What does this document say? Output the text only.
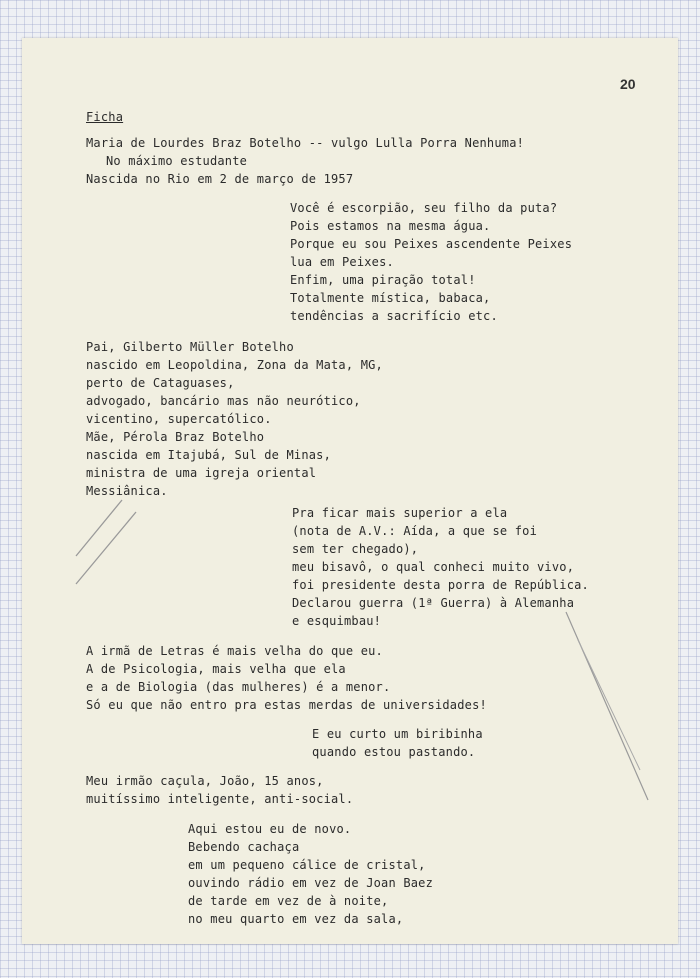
20
Ficha
Maria de Lourdes Braz Botelho -- vulgo Lulla Porra Nenhuma!
No máximo estudante
Nascida no Rio em 2 de março de 1957
Você é escorpião, seu filho da puta?
Pois estamos na mesma água.
Porque eu sou Peixes ascendente Peixes
lua em Peixes.
Enfim, uma piração total!
Totalmente mística, babaca,
tendências a sacrifício etc.
Pai, Gilberto Müller Botelho
nascido em Leopoldina, Zona da Mata, MG,
perto de Cataguases,
advogado, bancário mas não neurótico,
vicentino, supercatólico.
Mãe, Pérola Braz Botelho
nascida em Itajubá, Sul de Minas,
ministra de uma igreja oriental
Messiânica.
Pra ficar mais superior a ela
(nota de A.V.: Aída, a que se foi
sem ter chegado),
meu bisavô, o qual conheci muito vivo,
foi presidente desta porra de República.
Declarou guerra (1ª Guerra) à Alemanha
e esquimbau!
A irmã de Letras é mais velha do que eu.
A de Psicologia, mais velha que ela
e a de Biologia (das mulheres) é a menor.
Só eu que não entro pra estas merdas de universidades!
E eu curto um biribinha
quando estou pastando.
Meu irmão caçula, João, 15 anos,
muitíssimo inteligente, anti-social.
Aqui estou eu de novo.
Bebendo cachaça
em um pequeno cálice de cristal,
ouvindo rádio em vez de Joan Baez
de tarde em vez de à noite,
no meu quarto em vez da sala,
